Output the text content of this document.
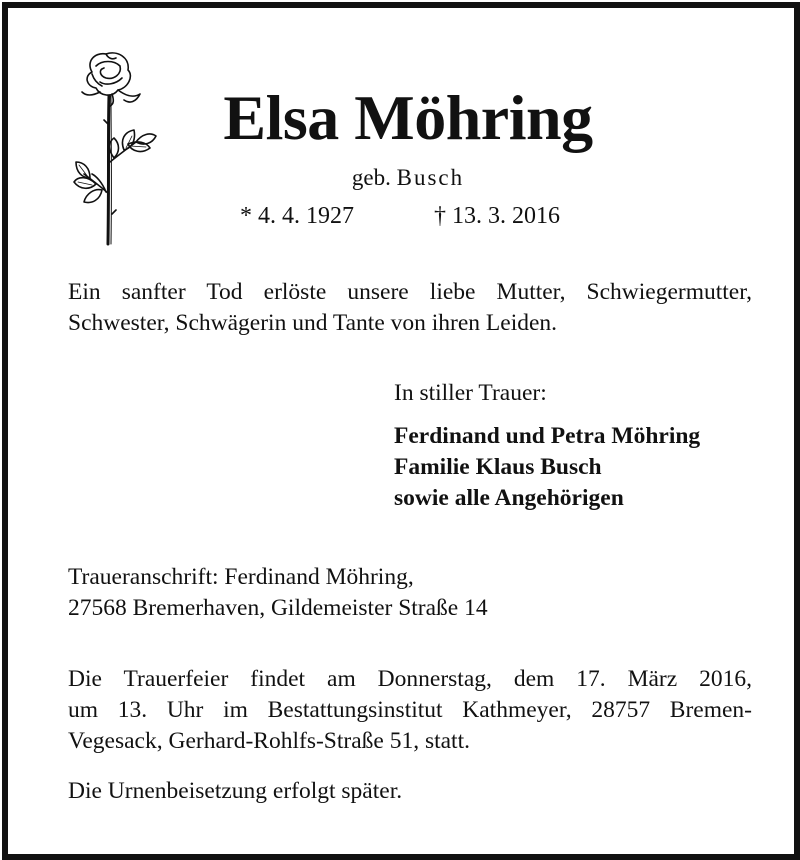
Elsa Möhring
geb. Busch
* 4. 4. 1927	† 13. 3. 2016

Ein sanfter Tod erlöste unsere liebe Mutter, Schwiegermutter,
Schwester, Schwägerin und Tante von ihren Leiden.

In stiller Trauer:
Ferdinand und Petra Möhring
Familie Klaus Busch
sowie alle Angehörigen

Traueranschrift: Ferdinand Möhring,
27568 Bremerhaven, Gildemeister Straße 14

Die Trauerfeier findet am Donnerstag, dem 17. März 2016,
um 13. Uhr im Bestattungsinstitut Kathmeyer, 28757 Bremen-
Vegesack, Gerhard-Rohlfs-Straße 51, statt.

Die Urnenbeisetzung erfolgt später.
